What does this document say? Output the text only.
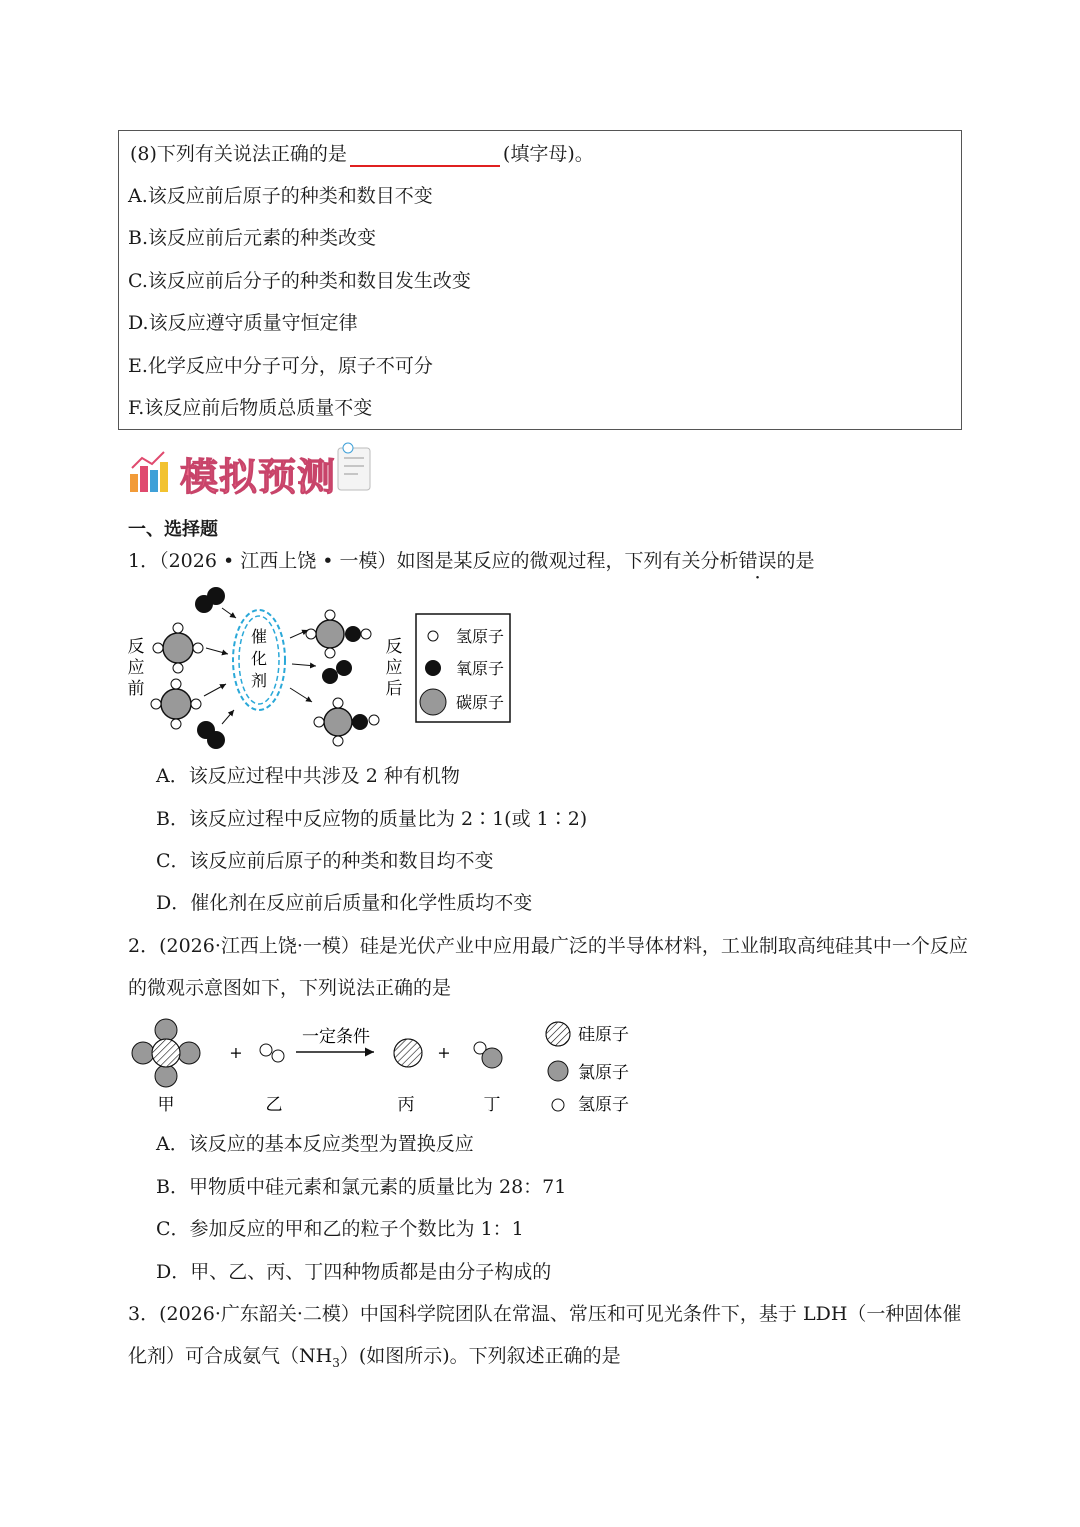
(8)下列有关说法正确的是	(填字母)。
A.该反应前后原子的种类和数目不变
B.该反应前后元素的种类改变
C.该反应前后分子的种类和数目发生改变
D.该反应遵守质量守恒定律
E.化学反应中分子可分，原子不可分
F.该反应前后物质总质量不变
模拟预测
一、选择题
1．（2026 • 江西上饶 • 一模）如图是某反应的微观过程，下列有关分析错误的是
反
应
前
催
化
剂
反
应
后
氢原子
氧原子
碳原子
A．该反应过程中共涉及 2 种有机物
B．该反应过程中反应物的质量比为 2∶1(或 1∶2)
C．该反应前后原子的种类和数目均不变
D．催化剂在反应前后质量和化学性质均不变
2．(2026·江西上饶·一模）硅是光伏产业中应用最广泛的半导体材料，工业制取高纯硅其中一个反应
的微观示意图如下，下列说法正确的是
+
一定条件
+
甲	乙	丙	丁
硅原子
氯原子
氢原子
A．该反应的基本反应类型为置换反应
B．甲物质中硅元素和氯元素的质量比为 28：71
C．参加反应的甲和乙的粒子个数比为 1：1
D．甲、乙、丙、丁四种物质都是由分子构成的
3．(2026·广东韶关·二模）中国科学院团队在常温、常压和可见光条件下，基于 LDH（一种固体催
化剂）可合成氨气$(NH_3)$(如图所示)。下列叙述正确的是
